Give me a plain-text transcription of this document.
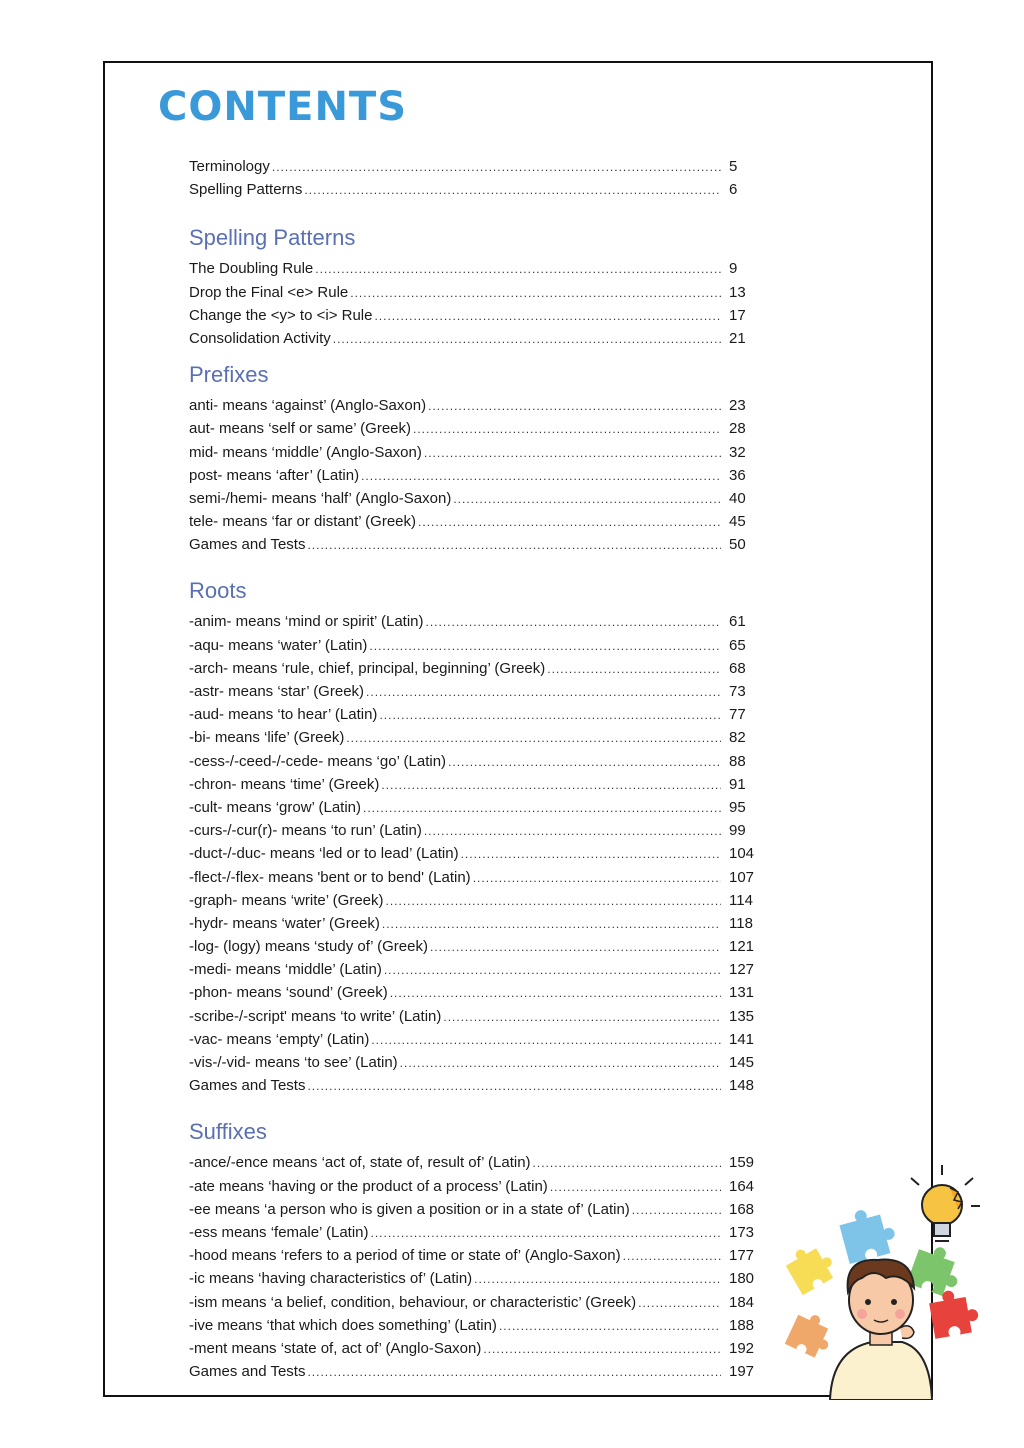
CONTENTS
Terminology .....	5
Spelling Patterns .....	6
Spelling Patterns
The Doubling Rule .....	9
Drop the Final <e> Rule .....	13
Change the <y> to <i> Rule .....	17
Consolidation Activity .....	21
Prefixes
anti- means ‘against’ (Anglo-Saxon) .....	23
aut- means ‘self or same’ (Greek) .....	28
mid- means ‘middle’ (Anglo-Saxon) .....	32
post- means ‘after’ (Latin) .....	36
semi-/hemi- means ‘half’ (Anglo-Saxon) .....	40
tele- means ‘far or distant’ (Greek) .....	45
Games and Tests .....	50
Roots
-anim- means ‘mind or spirit’ (Latin) .....	61
-aqu- means ‘water’ (Latin) .....	65
-arch- means ‘rule, chief, principal, beginning’ (Greek) .....	68
-astr- means ‘star’ (Greek) .....	73
-aud- means ‘to hear’ (Latin) .....	77
-bi- means ‘life’ (Greek) .....	82
-cess-/-ceed-/-cede- means ‘go’ (Latin) .....	88
-chron- means ‘time’ (Greek) .....	91
-cult- means ‘grow’ (Latin) .....	95
-curs-/-cur(r)- means ‘to run’ (Latin) .....	99
-duct-/-duc- means ‘led or to lead’ (Latin) .....	104
-flect-/-flex- means 'bent or to bend' (Latin) .....	107
-graph- means ‘write’ (Greek) .....	114
-hydr- means ‘water’ (Greek) .....	118
-log- (logy) means ‘study of’ (Greek) .....	121
-medi- means ‘middle’ (Latin) .....	127
-phon- means ‘sound’ (Greek) .....	131
-scribe-/-script' means ‘to write’ (Latin) .....	135
-vac- means ‘empty’ (Latin) .....	141
-vis-/-vid- means ‘to see’ (Latin) .....	145
Games and Tests .....	148
Suffixes
-ance/-ence means ‘act of, state of, result of’ (Latin) .....	159
-ate means ‘having or the product of a process’ (Latin) .....	164
-ee means ‘a person who is given a position or in a state of’ (Latin) .....	168
-ess means ‘female’ (Latin) .....	173
-hood means ‘refers to a period of time or state of’ (Anglo-Saxon) .....	177
-ic means ‘having characteristics of’ (Latin) .....	180
-ism means ‘a belief, condition, behaviour, or characteristic’ (Greek) .....	184
-ive means ‘that which does something’ (Latin) .....	188
-ment means ‘state of, act of’ (Anglo-Saxon) .....	192
Games and Tests .....	197
